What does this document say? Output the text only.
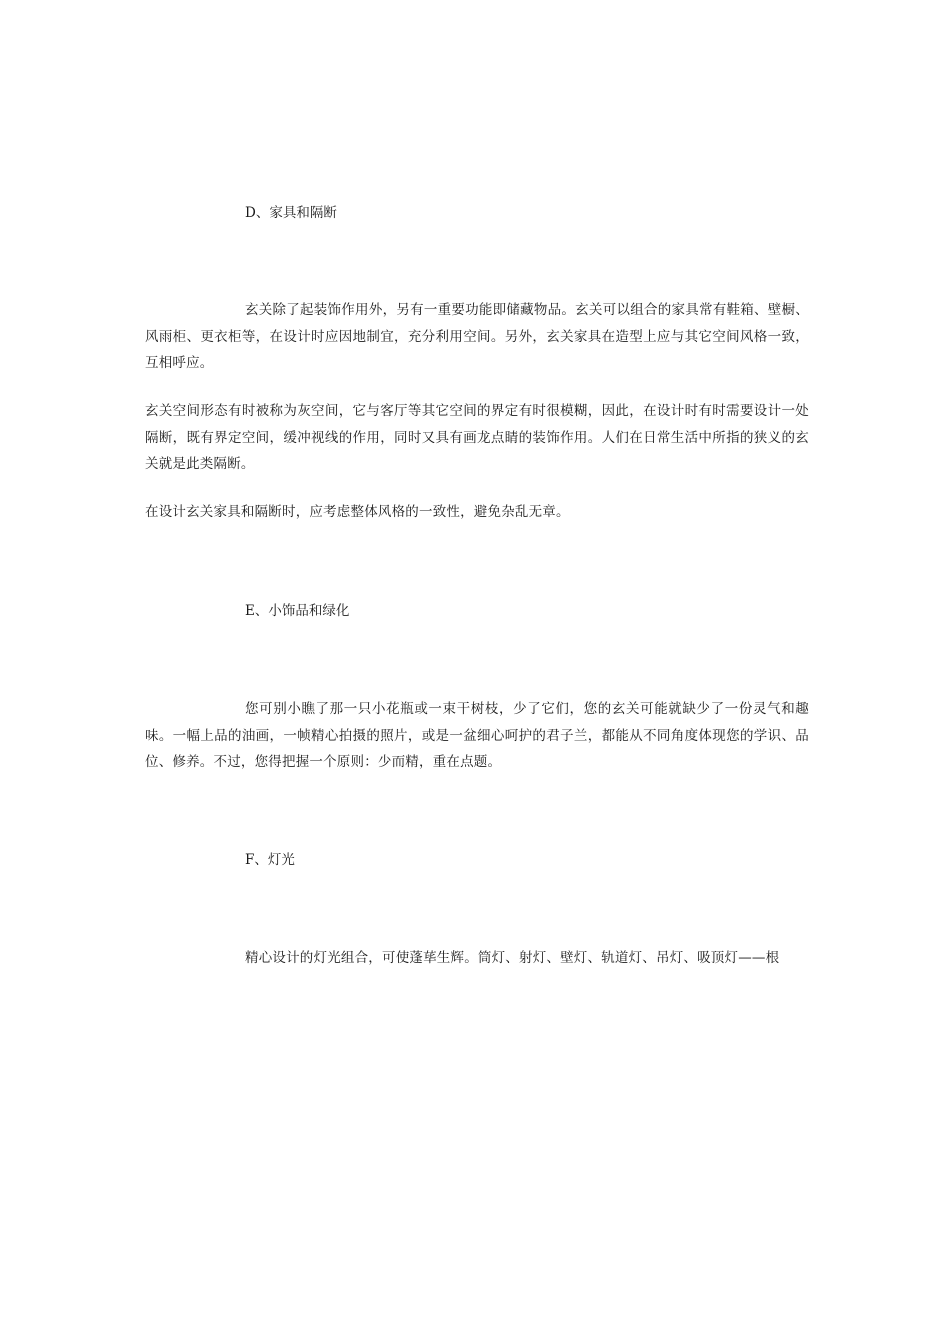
D、家具和隔断

玄关除了起装饰作用外，另有一重要功能即储藏物品。玄关可以组合的家具常有鞋箱、壁橱、风雨柜、更衣柜等，在设计时应因地制宜，充分利用空间。另外，玄关家具在造型上应与其它空间风格一致，互相呼应。

玄关空间形态有时被称为灰空间，它与客厅等其它空间的界定有时很模糊，因此，在设计时有时需要设计一处隔断，既有界定空间，缓冲视线的作用，同时又具有画龙点睛的装饰作用。人们在日常生活中所指的狭义的玄关就是此类隔断。

在设计玄关家具和隔断时，应考虑整体风格的一致性，避免杂乱无章。

E、小饰品和绿化

您可别小瞧了那一只小花瓶或一束干树枝，少了它们，您的玄关可能就缺少了一份灵气和趣味。一幅上品的油画，一帧精心拍摄的照片，或是一盆细心呵护的君子兰，都能从不同角度体现您的学识、品位、修养。不过，您得把握一个原则：少而精，重在点题。

F、灯光

精心设计的灯光组合，可使蓬荜生辉。筒灯、射灯、壁灯、轨道灯、吊灯、吸顶灯——根
